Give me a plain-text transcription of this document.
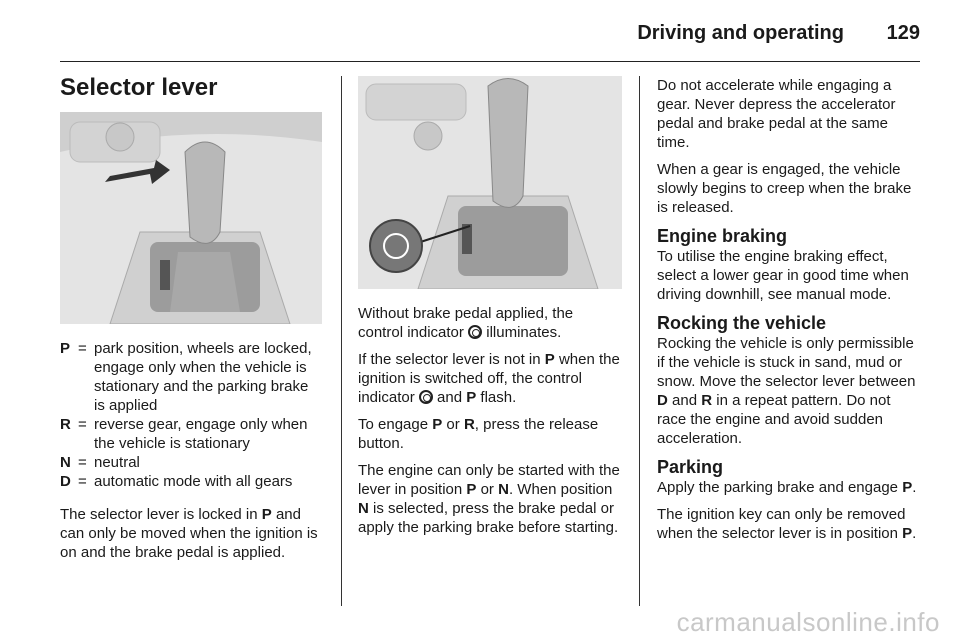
Driving and operating 129
Selector lever
P = park position, wheels are locked, engage only when the vehicle is stationary and the parking brake is applied
R = reverse gear, engage only when the vehicle is stationary
N = neutral
D = automatic mode with all gears

The selector lever is locked in P and can only be moved when the ignition is on and the brake pedal is applied.

Without brake pedal applied, the control indicator  illuminates.

If the selector lever is not in P when the ignition is switched off, the control indicator  and P flash.

To engage P or R, press the release button.

The engine can only be started with the lever in position P or N. When position N is selected, press the brake pedal or apply the parking brake before starting.

Do not accelerate while engaging a gear. Never depress the accelerator pedal and brake pedal at the same time.

When a gear is engaged, the vehicle slowly begins to creep when the brake is released.

Engine braking

To utilise the engine braking effect, select a lower gear in good time when driving downhill, see manual mode.

Rocking the vehicle

Rocking the vehicle is only permissible if the vehicle is stuck in sand, mud or snow. Move the selector lever between D and R in a repeat pattern. Do not race the engine and avoid sudden acceleration.

Parking

Apply the parking brake and engage P.

The ignition key can only be removed when the selector lever is in position P.

carmanualsonline.info
